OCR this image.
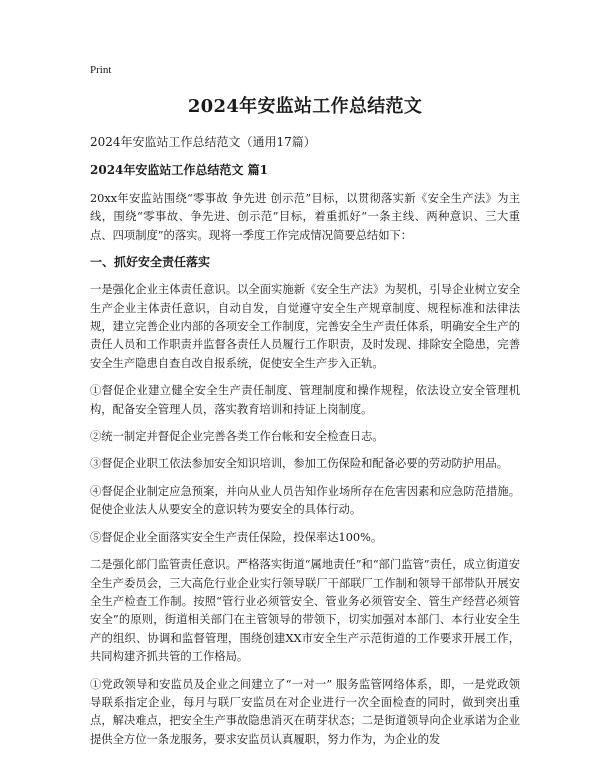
Print
2024年安监站工作总结范文
2024年安监站工作总结范文（通用17篇）
2024年安监站工作总结范文 篇1

20xx年安监站围绕“零事故 争先进 创示范”目标，以贯彻落实新《安全生产法》为主线，围绕“零事故、争先进、创示范”目标，着重抓好“一条主线、两种意识、三大重点、四项制度”的落实。现将一季度工作完成情况简要总结如下：

一、抓好安全责任落实

一是强化企业主体责任意识。以全面实施新《安全生产法》为契机，引导企业树立安全生产企业主体责任意识，自动自发，自觉遵守安全生产规章制度、规程标准和法律法规，建立完善企业内部的各项安全工作制度，完善安全生产责任体系，明确安全生产的责任人员和工作职责并监督各责任人员履行工作职责，及时发现、排除安全隐患，完善安全生产隐患自查自改自报系统，促使安全生产步入正轨。

①督促企业建立健全安全生产责任制度、管理制度和操作规程，依法设立安全管理机构，配备安全管理人员，落实教育培训和持证上岗制度。

②统一制定并督促企业完善各类工作台帐和安全检查日志。

③督促企业职工依法参加安全知识培训，参加工伤保险和配备必要的劳动防护用品。

④督促企业制定应急预案，并向从业人员告知作业场所存在危害因素和应急防范措施。促使企业法人从要安全的意识转为要安全的具体行动。

⑤督促企业全面落实安全生产责任保险，投保率达100%。

二是强化部门监管责任意识。严格落实街道“属地责任”和“部门监管”责任，成立街道安全生产委员会，三大高危行业企业实行领导联厂干部联厂工作制和领导干部带队开展安全生产检查工作制。按照“管行业必须管安全、管业务必须管安全、管生产经营必须管安全”的原则，街道相关部门在主管领导的带领下，切实加强对本部门、本行业安全生产的组织、协调和监督管理，围绕创建XX市安全生产示范街道的工作要求开展工作，共同构建齐抓共管的工作格局。

①党政领导和安监员及企业之间建立了“一对一” 服务监管网络体系，即，一是党政领导联系指定企业，每月与联厂安监员在对企业进行一次全面检查的同时，做到突出重点，解决难点，把安全生产事故隐患消灭在萌芽状态；二是街道领导向企业承诺为企业提供全方位一条龙服务，要求安监员认真履职，努力作为，为企业的发
